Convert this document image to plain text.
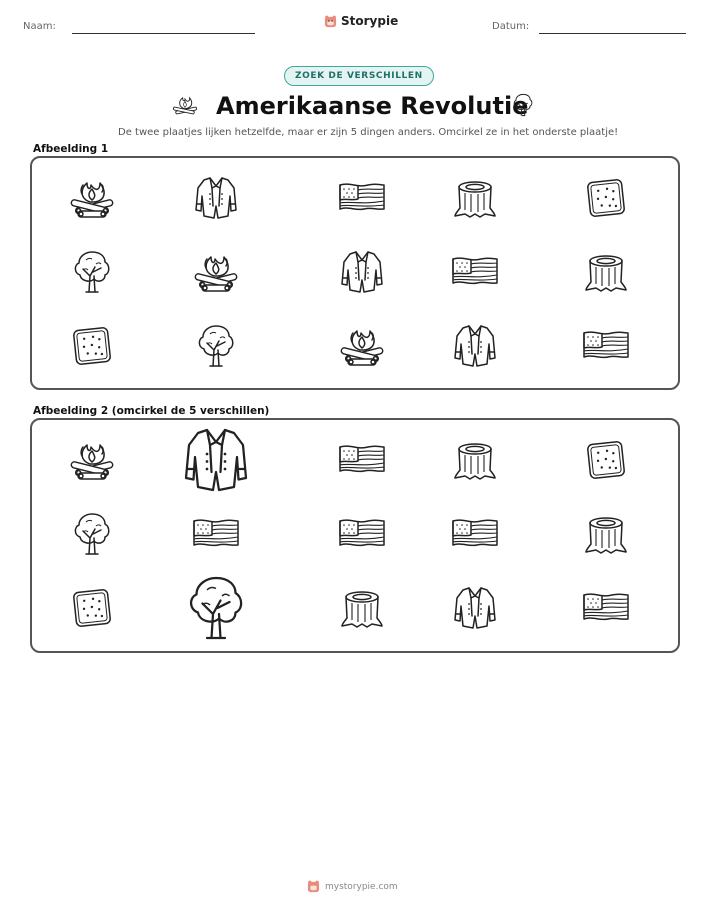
Naam:	Storypie	Datum:
ZOEK DE VERSCHILLEN
Amerikaanse Revolutie
De twee plaatjes lijken hetzelfde, maar er zijn 5 dingen anders. Omcirkel ze in het onderste plaatje!
Afbeelding 1
Afbeelding 2 (omcirkel de 5 verschillen)
mystorypie.com
